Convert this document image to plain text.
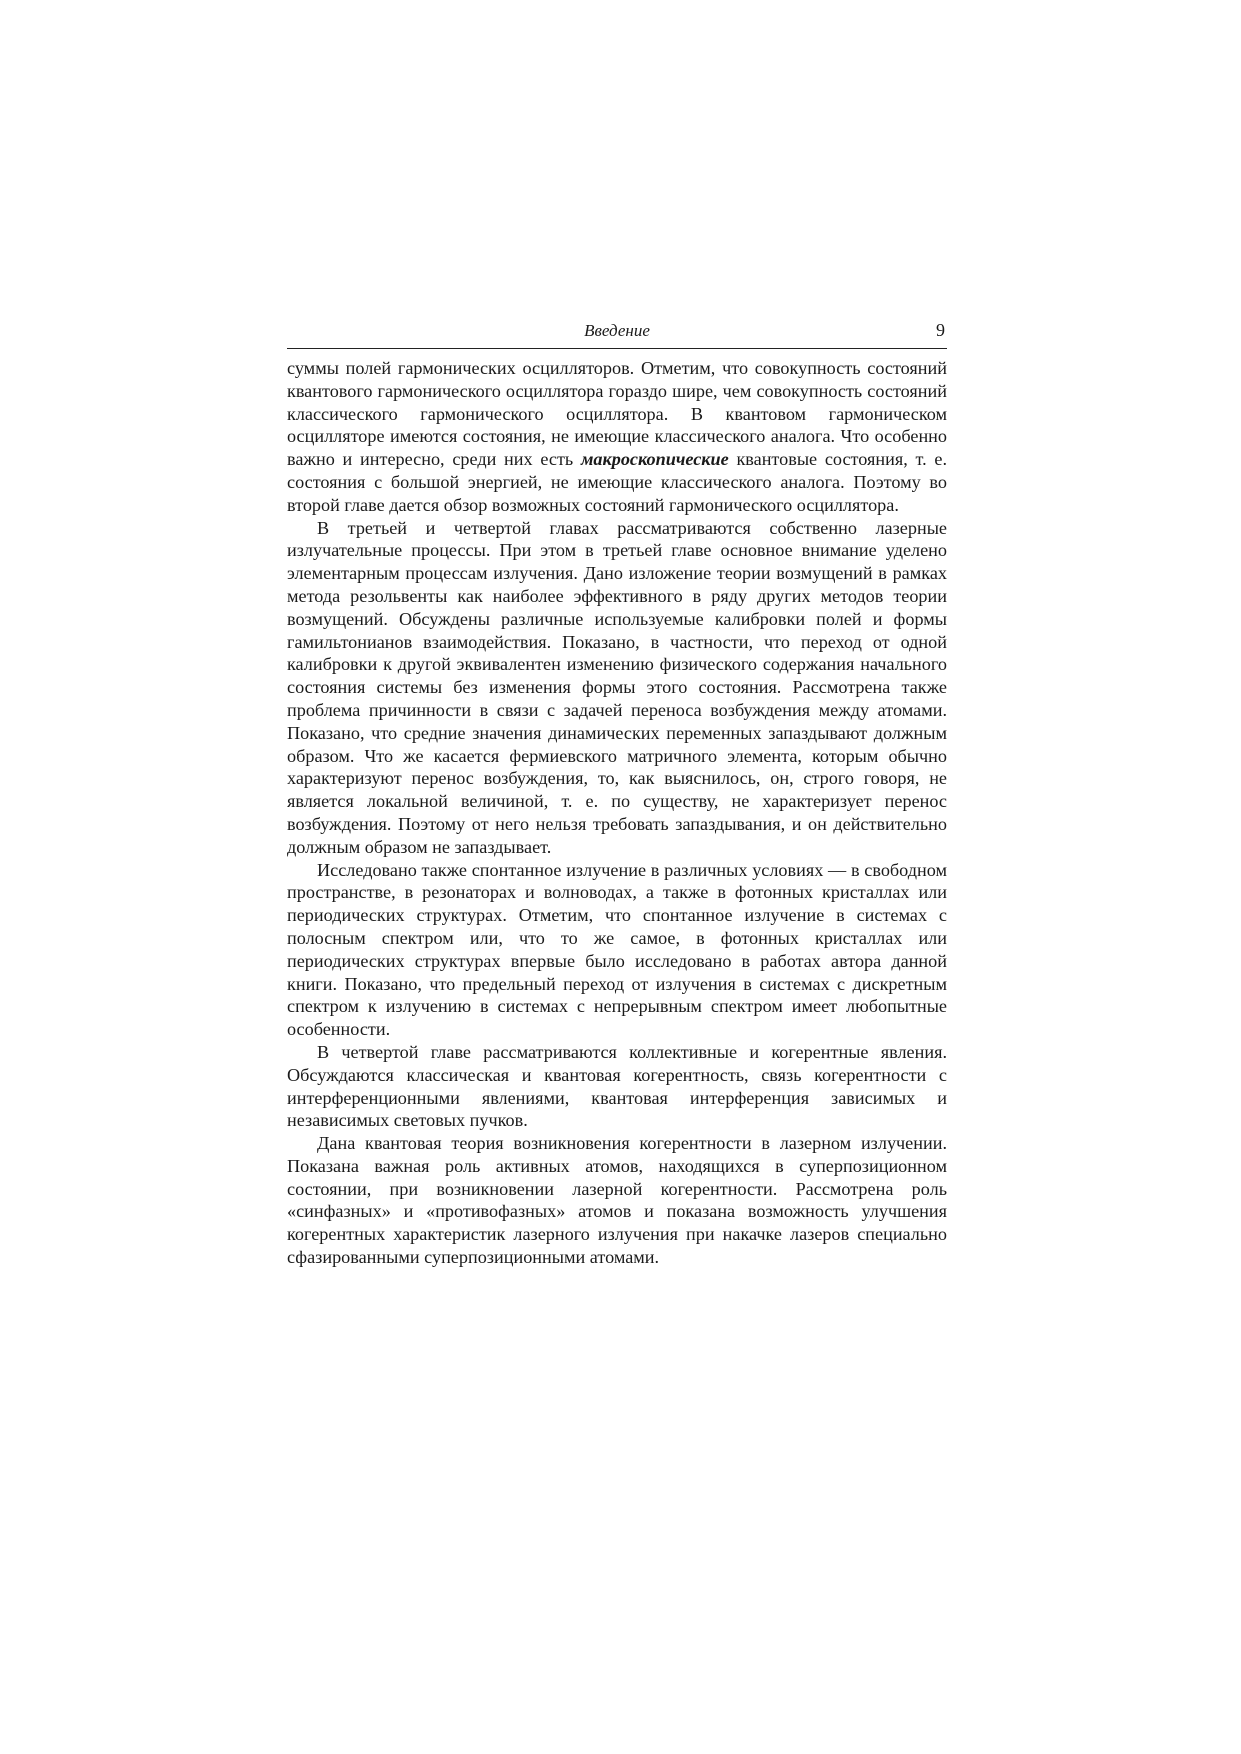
Введение	9

суммы полей гармонических осцилляторов. Отметим, что совокупность состояний квантового гармонического осциллятора гораздо шире, чем совокупность состояний классического гармонического осциллятора. В квантовом гармоническом осцилляторе имеются состояния, не имеющие классического аналога. Что особенно важно и интересно, среди них есть макроскопические квантовые состояния, т. е. состояния с большой энергией, не имеющие классического аналога. Поэтому во второй главе дается обзор возможных состояний гармонического осциллятора.

В третьей и четвертой главах рассматриваются собственно лазерные излучательные процессы. При этом в третьей главе основное внимание уделено элементарным процессам излучения. Дано изложение теории возмущений в рамках метода резольвенты как наиболее эффективного в ряду других методов теории возмущений. Обсуждены различные используемые калибровки полей и формы гамильтонианов взаимодействия. Показано, в частности, что переход от одной калибровки к другой эквивалентен изменению физического содержания начального состояния системы без изменения формы этого состояния. Рассмотрена также проблема причинности в связи с задачей переноса возбуждения между атомами. Показано, что средние значения динамических переменных запаздывают должным образом. Что же касается фермиевского матричного элемента, которым обычно характеризуют перенос возбуждения, то, как выяснилось, он, строго говоря, не является локальной величиной, т. е. по существу, не характеризует перенос возбуждения. Поэтому от него нельзя требовать запаздывания, и он действительно должным образом не запаздывает.

Исследовано также спонтанное излучение в различных условиях — в свободном пространстве, в резонаторах и волноводах, а также в фотонных кристаллах или периодических структурах. Отметим, что спонтанное излучение в системах с полосным спектром или, что то же самое, в фотонных кристаллах или периодических структурах впервые было исследовано в работах автора данной книги. Показано, что предельный переход от излучения в системах с дискретным спектром к излучению в системах с непрерывным спектром имеет любопытные особенности.

В четвертой главе рассматриваются коллективные и когерентные явления. Обсуждаются классическая и квантовая когерентность, связь когерентности с интерференционными явлениями, квантовая интерференция зависимых и независимых световых пучков.

Дана квантовая теория возникновения когерентности в лазерном излучении. Показана важная роль активных атомов, находящихся в суперпозиционном состоянии, при возникновении лазерной когерентности. Рассмотрена роль «синфазных» и «противофазных» атомов и показана возможность улучшения когерентных характеристик лазерного излучения при накачке лазеров специально сфазированными суперпозиционными атомами.
